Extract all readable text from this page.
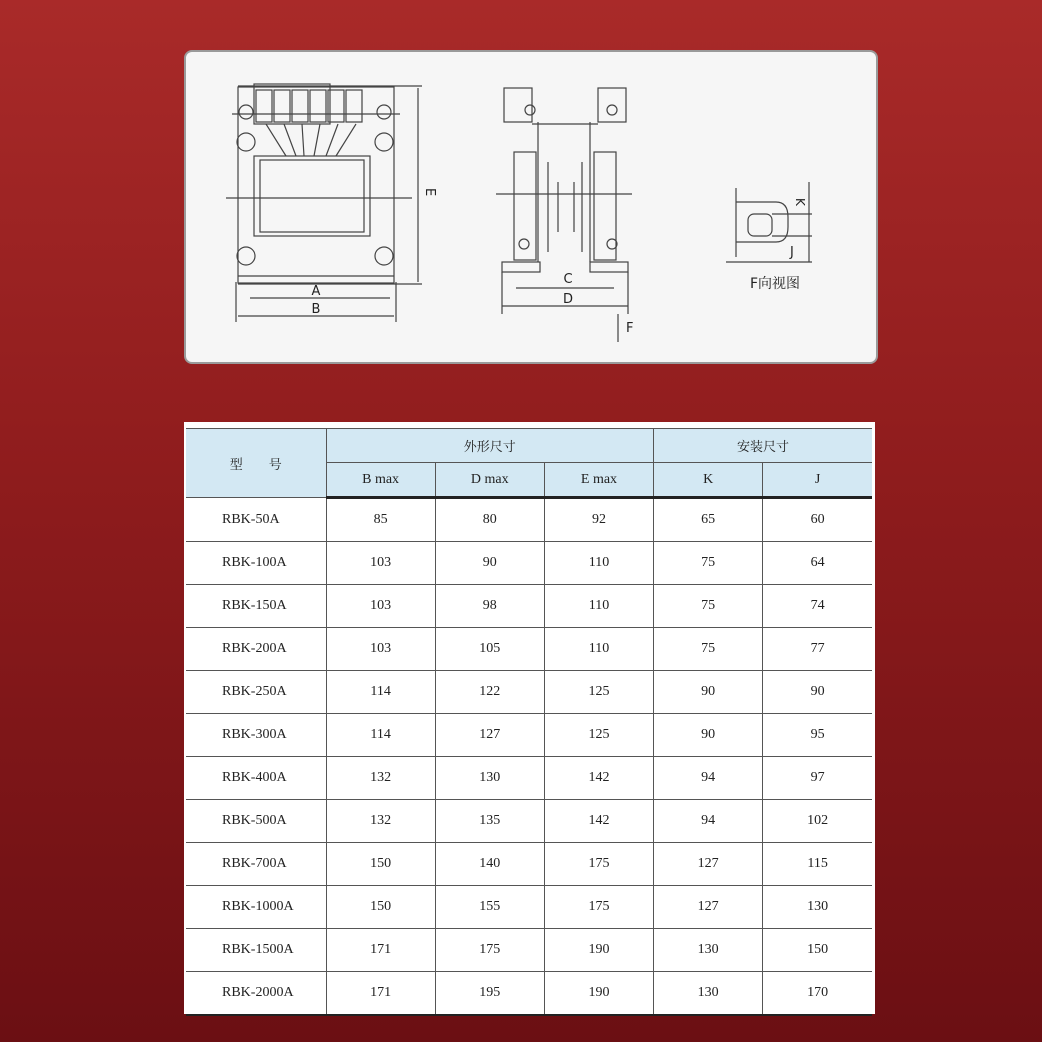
A
B
E
C
D
F
K
J
F向视图
型　　号	外形尺寸			安装尺寸	
	B max	D max	E max	K	J
RBK-50A	85	80	92	65	60
RBK-100A	103	90	110	75	64
RBK-150A	103	98	110	75	74
RBK-200A	103	105	110	75	77
RBK-250A	114	122	125	90	90
RBK-300A	114	127	125	90	95
RBK-400A	132	130	142	94	97
RBK-500A	132	135	142	94	102
RBK-700A	150	140	175	127	115
RBK-1000A	150	155	175	127	130
RBK-1500A	171	175	190	130	150
RBK-2000A	171	195	190	130	170
